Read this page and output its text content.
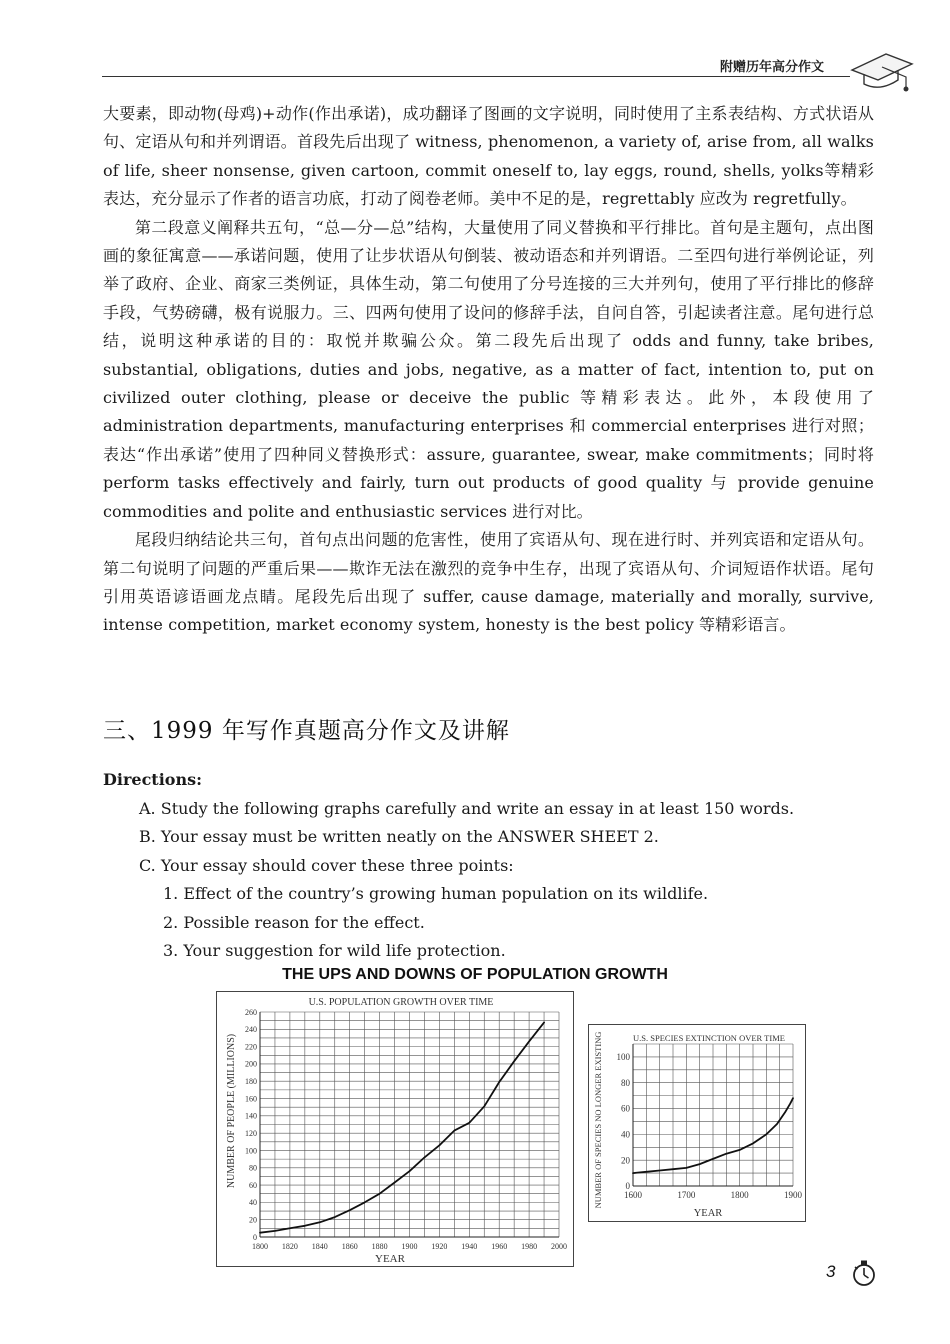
附赠历年高分作文

大要素，即动物(母鸡)+动作(作出承诺)，成功翻译了图画的文字说明，同时使用了主系表结构、方式状语从句、定语从句和并列谓语。首段先后出现了 witness, phenomenon, a variety of, arise from, all walks of life, sheer nonsense, given cartoon, commit oneself to, lay eggs, round, shells, yolks等精彩表达，充分显示了作者的语言功底，打动了阅卷老师。美中不足的是，regrettably 应改为 regretfully。

第二段意义阐释共五句，“总—分—总”结构，大量使用了同义替换和平行排比。首句是主题句，点出图画的象征寓意——承诺问题，使用了让步状语从句倒装、被动语态和并列谓语。二至四句进行举例论证，列举了政府、企业、商家三类例证，具体生动，第二句使用了分号连接的三大并列句，使用了平行排比的修辞手段，气势磅礴，极有说服力。三、四两句使用了设问的修辞手法，自问自答，引起读者注意。尾句进行总结，说明这种承诺的目的：取悦并欺骗公众。第二段先后出现了 odds and funny, take bribes, substantial, obligations, duties and jobs, negative, as a matter of fact, intention to, put on civilized outer clothing, please or deceive the public 等精彩表达。此外，本段使用了 administration departments, manufacturing enterprises 和 commercial enterprises 进行对照；表达“作出承诺”使用了四种同义替换形式：assure, guarantee, swear, make commitments；同时将 perform tasks effectively and fairly, turn out products of good quality 与 provide genuine commodities and polite and enthusiastic services 进行对比。

尾段归纳结论共三句，首句点出问题的危害性，使用了宾语从句、现在进行时、并列宾语和定语从句。第二句说明了问题的严重后果——欺诈无法在激烈的竞争中生存，出现了宾语从句、介词短语作状语。尾句引用英语谚语画龙点睛。尾段先后出现了 suffer, cause damage, materially and morally, survive, intense competition, market economy system, honesty is the best policy 等精彩语言。

三、1999 年写作真题高分作文及讲解
Directions:
A. Study the following graphs carefully and write an essay in at least 150 words.
B. Your essay must be written neatly on the ANSWER SHEET 2.
C. Your essay should cover these three points:
1. Effect of the country’s growing human population on its wildlife.
2. Possible reason for the effect.
3. Your suggestion for wild life protection.
THE UPS AND DOWNS OF POPULATION GROWTH
U.S. POPULATION GROWTH OVER TIME
NUMBER OF PEOPLE (MILLIONS)
YEAR
1800 1820 1840 1860 1880 1900 1920 1940 1960 1980 2000
0
20
40
60
80
100
120
140
160
180
200
220
240
260
U.S. SPECIES EXTINCTION OVER TIME
NUMBER OF SPECIES NO LONGER EXISTING
YEAR
1600	1700	1800	1900
0
20
40
60
80
100
3
